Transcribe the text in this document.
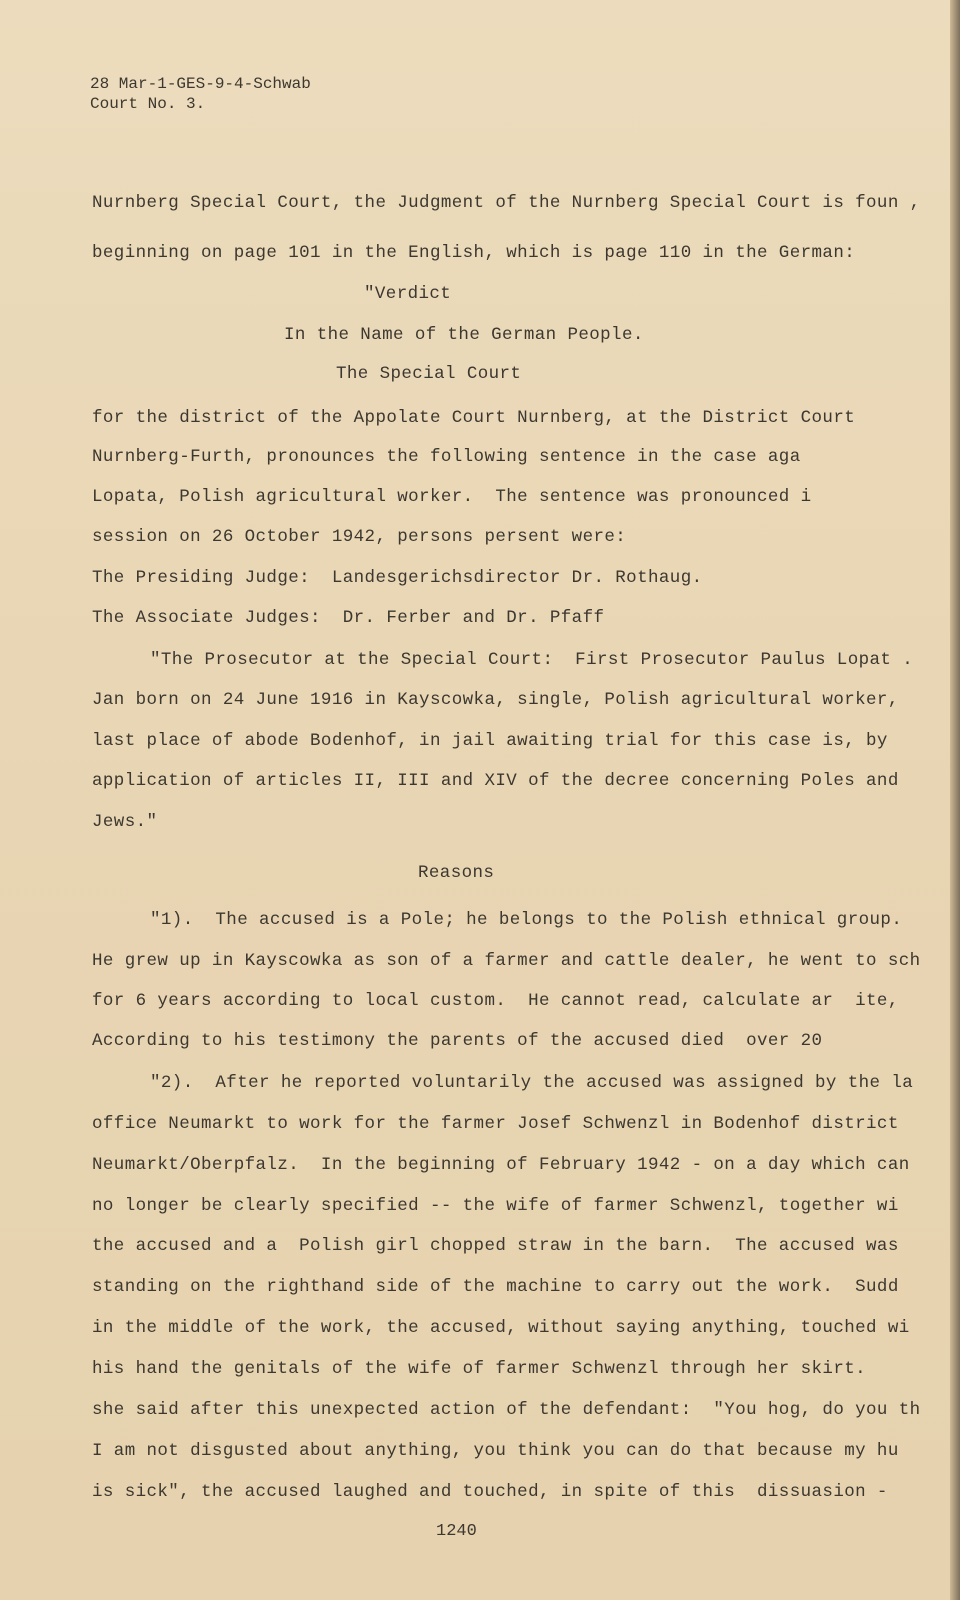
28 Mar-1-GES-9-4-Schwab
Court No. 3.
Nurnberg Special Court, the Judgment of the Nurnberg Special Court is foun ,
beginning on page 101 in the English, which is page 110 in the German:
"Verdict
In the Name of the German People.
The Special Court
for the district of the Appolate Court Nurnberg, at the District Court
Nurnberg-Furth, pronounces the following sentence in the case aga
Lopata, Polish agricultural worker.  The sentence was pronounced i
session on 26 October 1942, persons persent were:
The Presiding Judge:  Landesgerichsdirector Dr. Rothaug.
The Associate Judges:  Dr. Ferber and Dr. Pfaff
"The Prosecutor at the Special Court:  First Prosecutor Paulus Lopat .
Jan born on 24 June 1916 in Kayscowka, single, Polish agricultural worker,
last place of abode Bodenhof, in jail awaiting trial for this case is, by
application of articles II, III and XIV of the decree concerning Poles and
Jews."
Reasons
"1).  The accused is a Pole; he belongs to the Polish ethnical group.
He grew up in Kayscowka as son of a farmer and cattle dealer, he went to sch
for 6 years according to local custom.  He cannot read, calculate ar  ite,
According to his testimony the parents of the accused died  over 20
"2).  After he reported voluntarily the accused was assigned by the la
office Neumarkt to work for the farmer Josef Schwenzl in Bodenhof district
Neumarkt/Oberpfalz.  In the beginning of February 1942 - on a day which can
no longer be clearly specified -- the wife of farmer Schwenzl, together wi
the accused and a  Polish girl chopped straw in the barn.  The accused was
standing on the righthand side of the machine to carry out the work.  Sudd
in the middle of the work, the accused, without saying anything, touched wi
his hand the genitals of the wife of farmer Schwenzl through her skirt.
she said after this unexpected action of the defendant:  "You hog, do you th
I am not disgusted about anything, you think you can do that because my hu
is sick", the accused laughed and touched, in spite of this  dissuasion -
1240
